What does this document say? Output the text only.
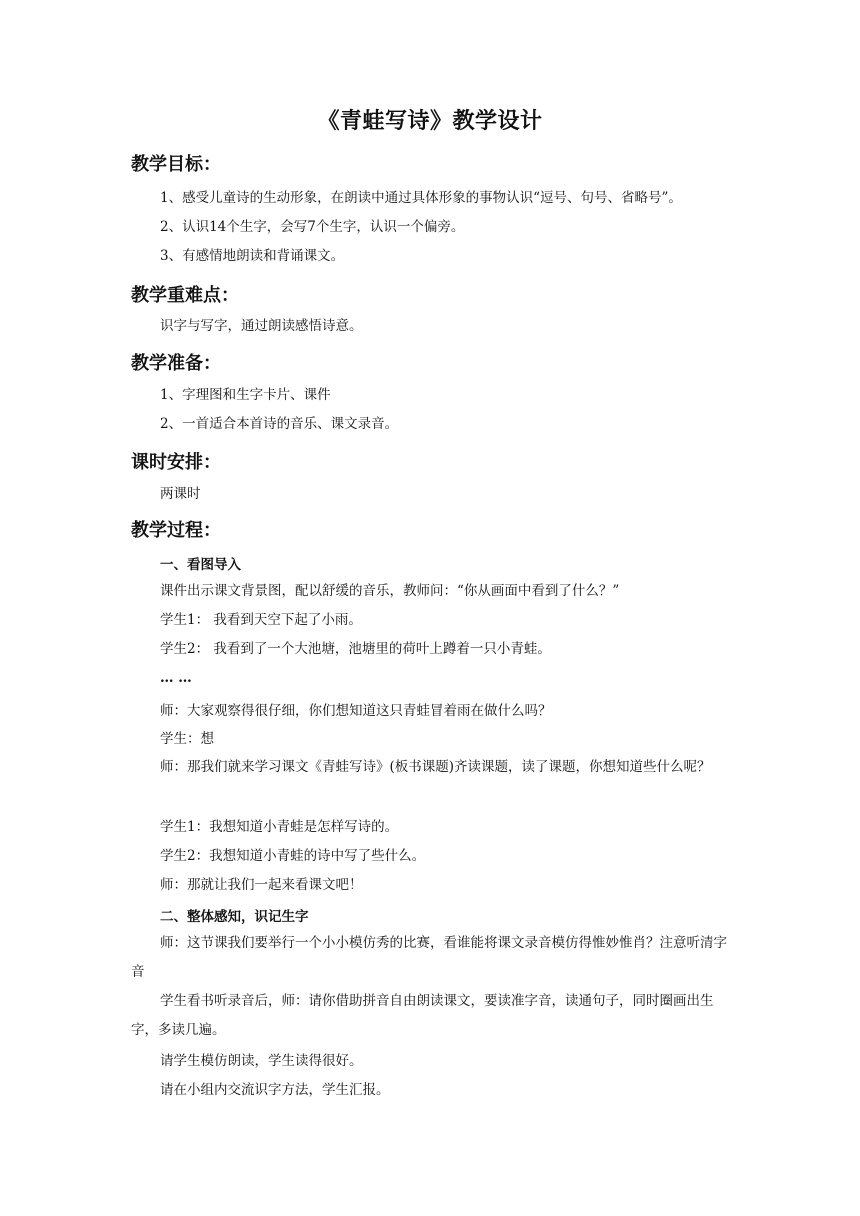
《青蛙写诗》教学设计
教学目标：
1、感受儿童诗的生动形象，在朗读中通过具体形象的事物认识“逗号、句号、省略号”。
2、认识14个生字，会写7个生字，认识一个偏旁。
3、有感情地朗读和背诵课文。
教学重难点：
识字与写字，通过朗读感悟诗意。
教学准备：
1、字理图和生字卡片、课件
2、一首适合本首诗的音乐、课文录音。
课时安排：
两课时
教学过程：
一、看图导入
课件出示课文背景图，配以舒缓的音乐，教师问：“你从画面中看到了什么？”
学生1： 我看到天空下起了小雨。
学生2： 我看到了一个大池塘，池塘里的荷叶上蹲着一只小青蛙。
… …
师：大家观察得很仔细，你们想知道这只青蛙冒着雨在做什么吗？
学生：想
师：那我们就来学习课文《青蛙写诗》(板书课题)齐读课题，读了课题，你想知道些什么呢？
学生1：我想知道小青蛙是怎样写诗的。
学生2：我想知道小青蛙的诗中写了些什么。
师：那就让我们一起来看课文吧！
二、整体感知，识记生字
师：这节课我们要举行一个小小模仿秀的比赛，看谁能将课文录音模仿得惟妙惟肖？注意听清字音
学生看书听录音后，师：请你借助拼音自由朗读课文，要读准字音，读通句子，同时圈画出生字，多读几遍。
请学生模仿朗读，学生读得很好。
请在小组内交流识字方法，学生汇报。
